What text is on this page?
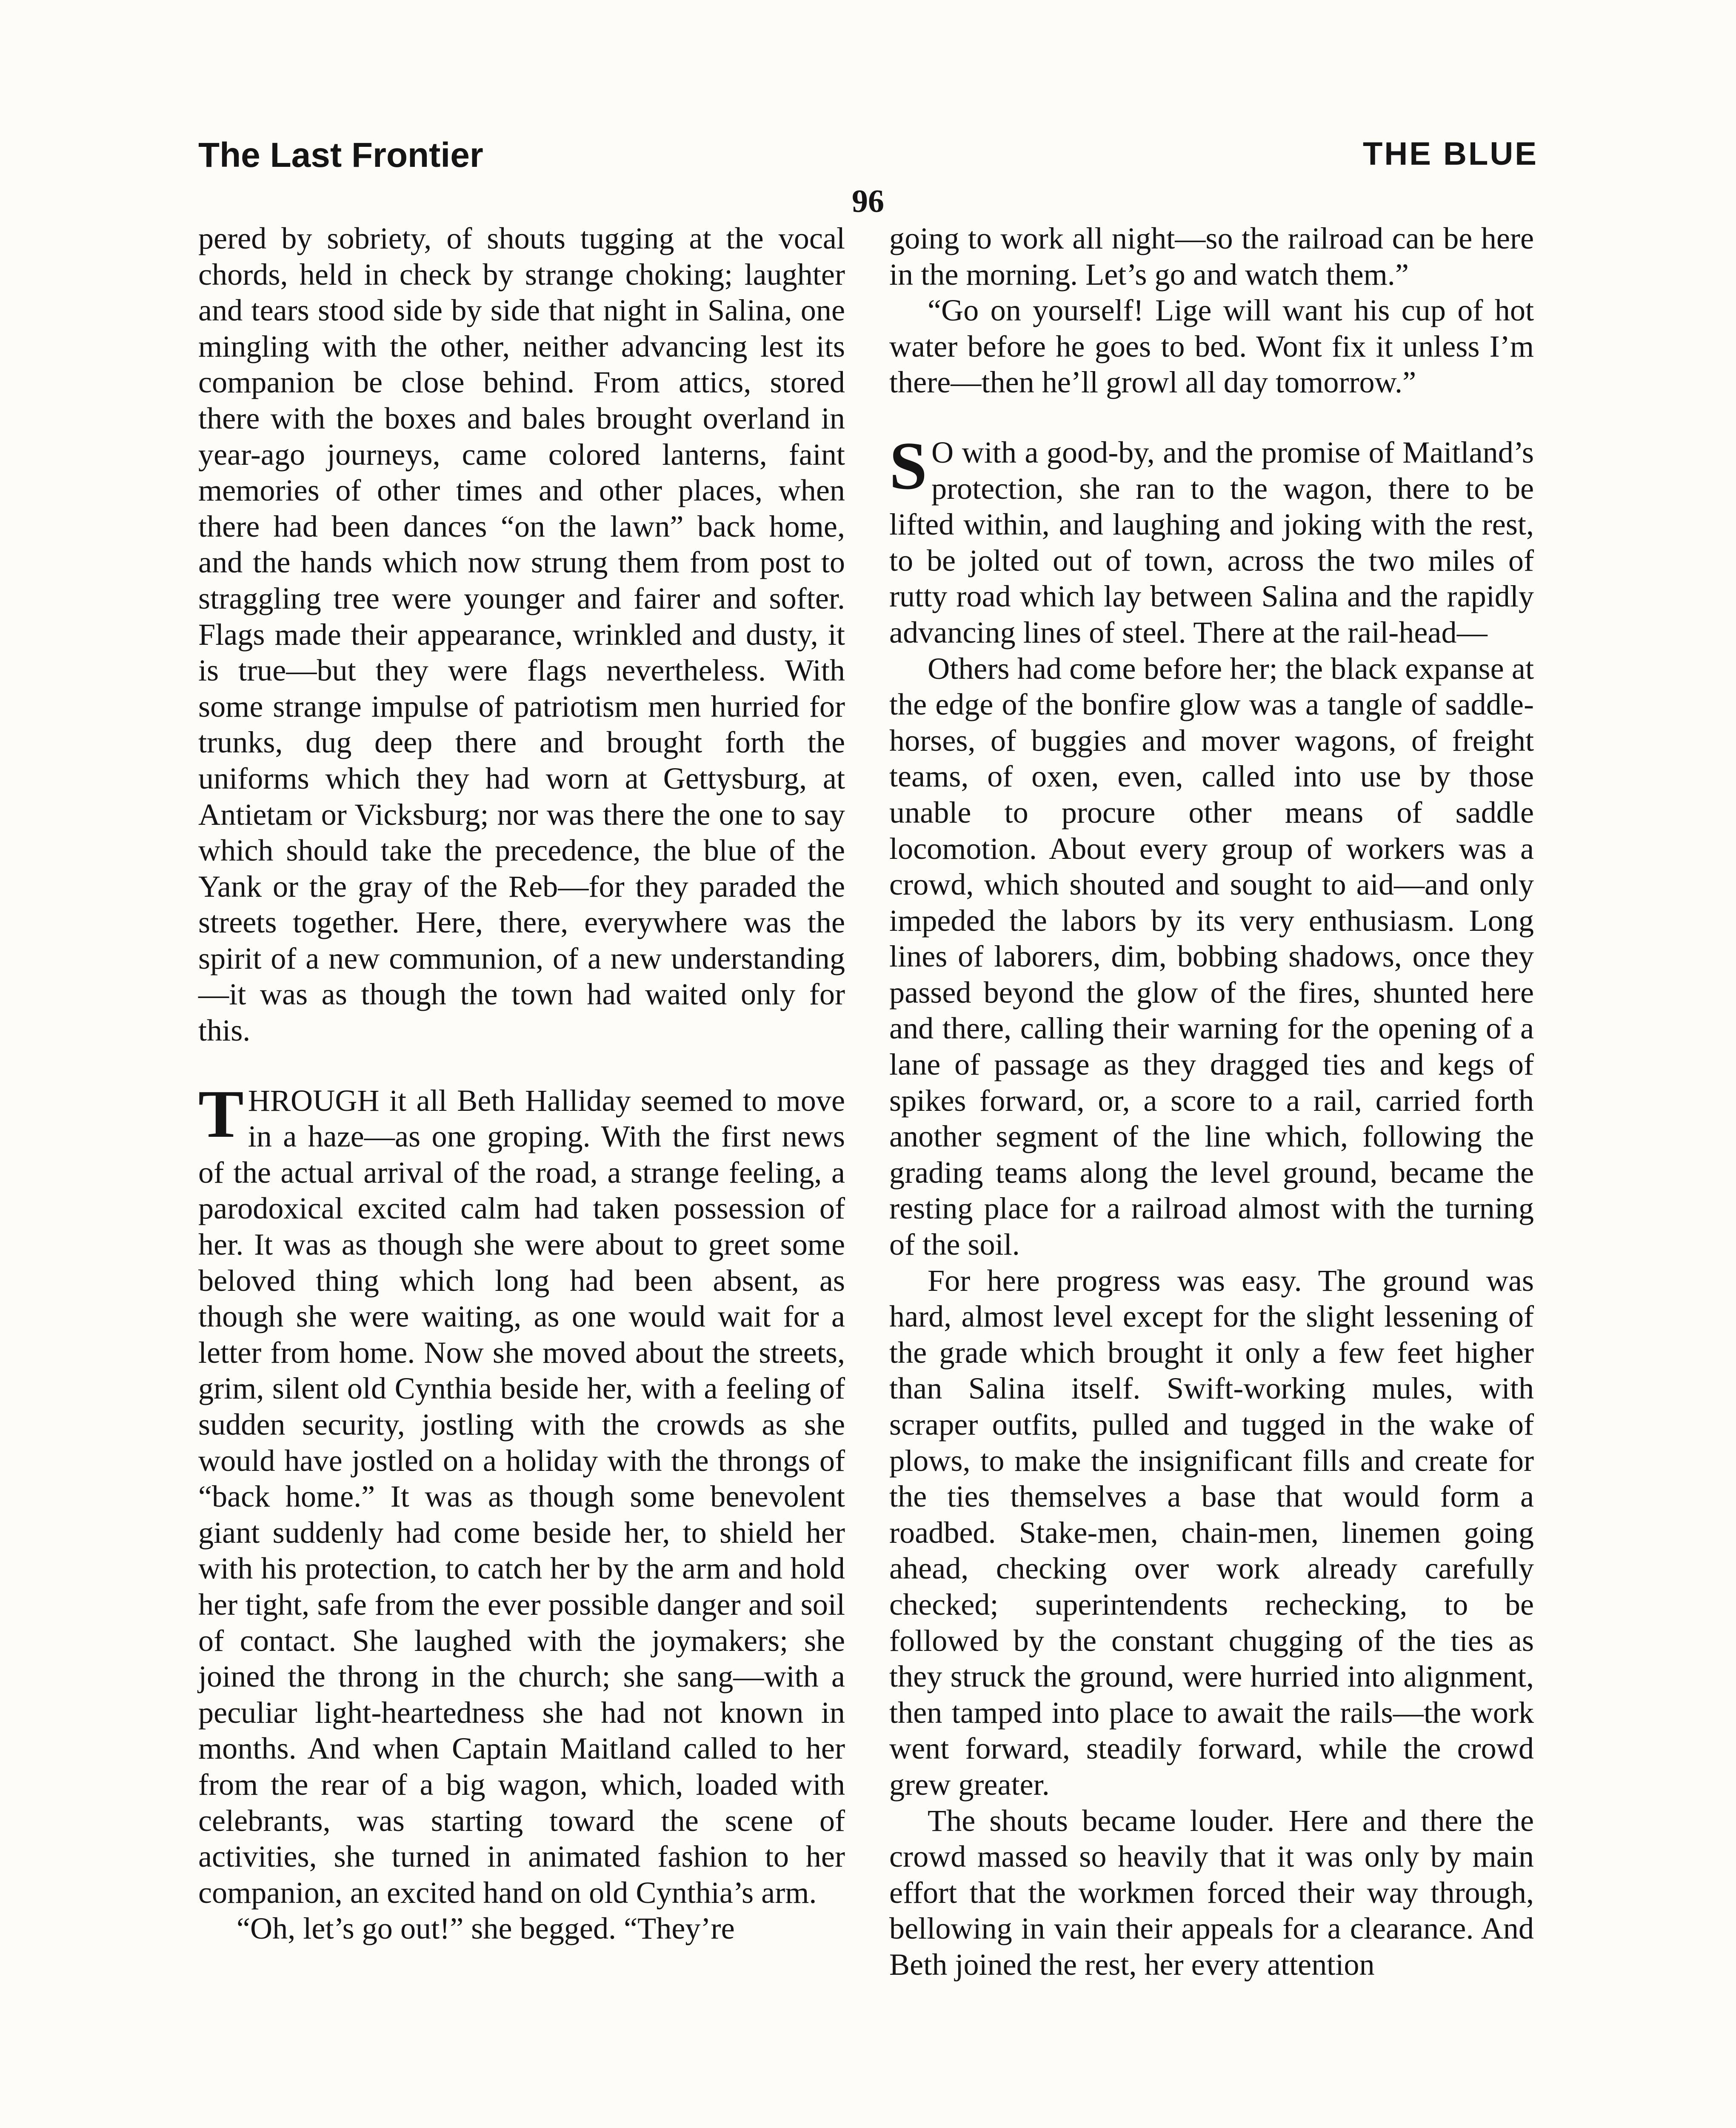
The Last Frontier	THE BLUE
96

pered by sobriety, of shouts tugging at the vocal chords, held in check by strange choking; laughter and tears stood side by side that night in Salina, one mingling with the other, neither advancing lest its companion be close behind. From attics, stored there with the boxes and bales brought overland in year-ago journeys, came colored lanterns, faint memories of other times and other places, when there had been dances “on the lawn” back home, and the hands which now strung them from post to straggling tree were younger and fairer and softer. Flags made their appearance, wrinkled and dusty, it is true—but they were flags nevertheless. With some strange impulse of patriotism men hurried for trunks, dug deep there and brought forth the uniforms which they had worn at Gettysburg, at Antietam or Vicksburg; nor was there the one to say which should take the precedence, the blue of the Yank or the gray of the Reb—for they paraded the streets together. Here, there, everywhere was the spirit of a new communion, of a new understanding—it was as though the town had waited only for this.

THROUGH it all Beth Halliday seemed to move in a haze—as one groping. With the first news of the actual arrival of the road, a strange feeling, a parodoxical excited calm had taken possession of her. It was as though she were about to greet some beloved thing which long had been absent, as though she were waiting, as one would wait for a letter from home. Now she moved about the streets, grim, silent old Cynthia beside her, with a feeling of sudden security, jostling with the crowds as she would have jostled on a holiday with the throngs of “back home.” It was as though some benevolent giant suddenly had come beside her, to shield her with his protection, to catch her by the arm and hold her tight, safe from the ever possible danger and soil of contact. She laughed with the joymakers; she joined the throng in the church; she sang—with a peculiar light-heartedness she had not known in months. And when Captain Maitland called to her from the rear of a big wagon, which, loaded with celebrants, was starting toward the scene of activities, she turned in animated fashion to her companion, an excited hand on old Cynthia’s arm.

“Oh, let’s go out!” she begged. “They’re

going to work all night—so the railroad can be here in the morning. Let’s go and watch them.”

“Go on yourself! Lige will want his cup of hot water before he goes to bed. Wont fix it unless I’m there—then he’ll growl all day tomorrow.”

S O with a good-by, and the promise of Maitland’s protection, she ran to the wagon, there to be lifted within, and laughing and joking with the rest, to be jolted out of town, across the two miles of rutty road which lay between Salina and the rapidly advancing lines of steel. There at the rail-head—

Others had come before her; the black expanse at the edge of the bonfire glow was a tangle of saddle-horses, of buggies and mover wagons, of freight teams, of oxen, even, called into use by those unable to procure other means of saddle locomotion. About every group of workers was a crowd, which shouted and sought to aid—and only impeded the labors by its very enthusiasm. Long lines of laborers, dim, bobbing shadows, once they passed beyond the glow of the fires, shunted here and there, calling their warning for the opening of a lane of passage as they dragged ties and kegs of spikes forward, or, a score to a rail, carried forth another segment of the line which, following the grading teams along the level ground, became the resting place for a railroad almost with the turning of the soil.

For here progress was easy. The ground was hard, almost level except for the slight lessening of the grade which brought it only a few feet higher than Salina itself. Swift-working mules, with scraper outfits, pulled and tugged in the wake of plows, to make the insignificant fills and create for the ties themselves a base that would form a roadbed. Stake-men, chain-men, linemen going ahead, checking over work already carefully checked; superintendents rechecking, to be followed by the constant chugging of the ties as they struck the ground, were hurried into alignment, then tamped into place to await the rails—the work went forward, steadily forward, while the crowd grew greater.

The shouts became louder. Here and there the crowd massed so heavily that it was only by main effort that the workmen forced their way through, bellowing in vain their appeals for a clearance. And Beth joined the rest, her every attention
